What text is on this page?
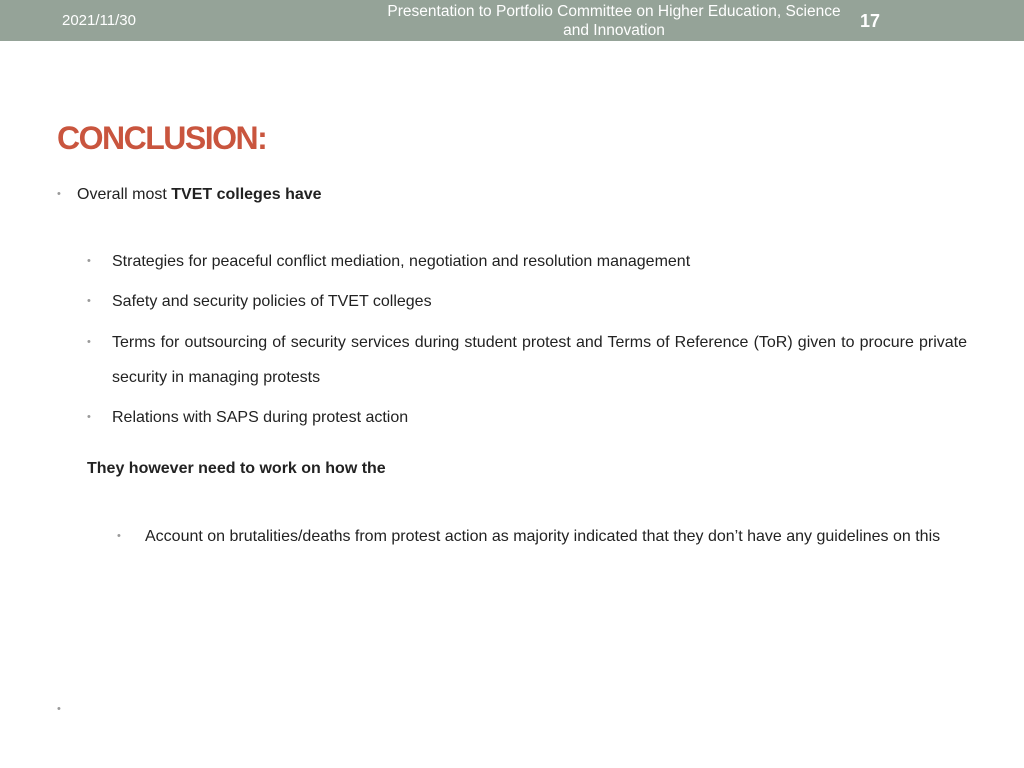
2021/11/30
Presentation to Portfolio Committee on Higher Education, Science and Innovation	17
CONCLUSION:
• Overall most TVET colleges have
• Strategies for peaceful conflict mediation, negotiation and resolution management
• Safety and security policies of TVET colleges
• Terms for outsourcing of security services during student protest and Terms of Reference (ToR) given to procure private security in managing protests
• Relations with SAPS during protest action
They however need to work on how the
• Account on brutalities/deaths from protest action as majority indicated that they don’t have any guidelines on this
•
